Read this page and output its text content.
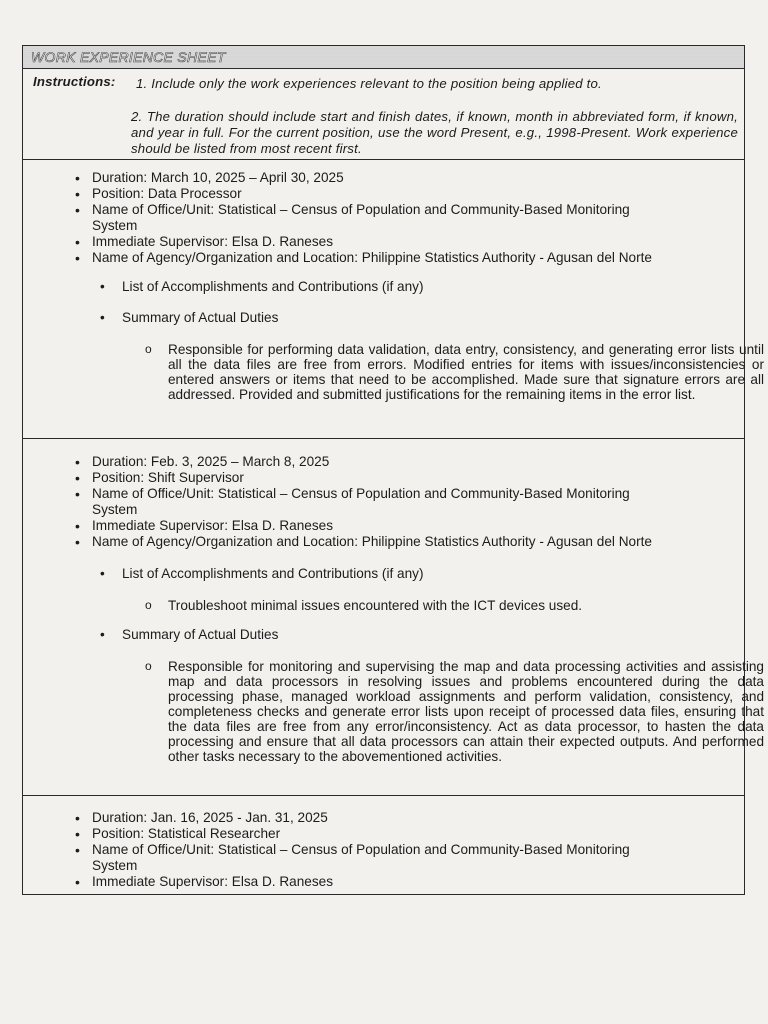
WORK EXPERIENCE SHEET
Instructions: 1. Include only the work experiences relevant to the position being applied to.
2. The duration should include start and finish dates, if known, month in abbreviated form, if known, and year in full. For the current position, use the word Present, e.g., 1998-Present. Work experience should be listed from most recent first.
• Duration: March 10, 2025 – April 30, 2025
• Position: Data Processor
• Name of Office/Unit: Statistical – Census of Population and Community-Based Monitoring
System
• Immediate Supervisor: Elsa D. Raneses
• Name of Agency/Organization and Location: Philippine Statistics Authority - Agusan del Norte
• List of Accomplishments and Contributions (if any)
• Summary of Actual Duties
o Responsible for performing data validation, data entry, consistency, and generating error lists until all the data files are free from errors. Modified entries for items with issues/inconsistencies or entered answers or items that need to be accomplished. Made sure that signature errors are all addressed. Provided and submitted justifications for the remaining items in the error list.
• Duration: Feb. 3, 2025 – March 8, 2025
• Position: Shift Supervisor
• Name of Office/Unit: Statistical – Census of Population and Community-Based Monitoring
System
• Immediate Supervisor: Elsa D. Raneses
• Name of Agency/Organization and Location: Philippine Statistics Authority - Agusan del Norte
• List of Accomplishments and Contributions (if any)
o Troubleshoot minimal issues encountered with the ICT devices used.
• Summary of Actual Duties
o Responsible for monitoring and supervising the map and data processing activities and assisting map and data processors in resolving issues and problems encountered during the data processing phase, managed workload assignments and perform validation, consistency, and completeness checks and generate error lists upon receipt of processed data files, ensuring that the data files are free from any error/inconsistency. Act as data processor, to hasten the data processing and ensure that all data processors can attain their expected outputs. And performed other tasks necessary to the abovementioned activities.
• Duration: Jan. 16, 2025 - Jan. 31, 2025
• Position: Statistical Researcher
• Name of Office/Unit: Statistical – Census of Population and Community-Based Monitoring
System
• Immediate Supervisor: Elsa D. Raneses
